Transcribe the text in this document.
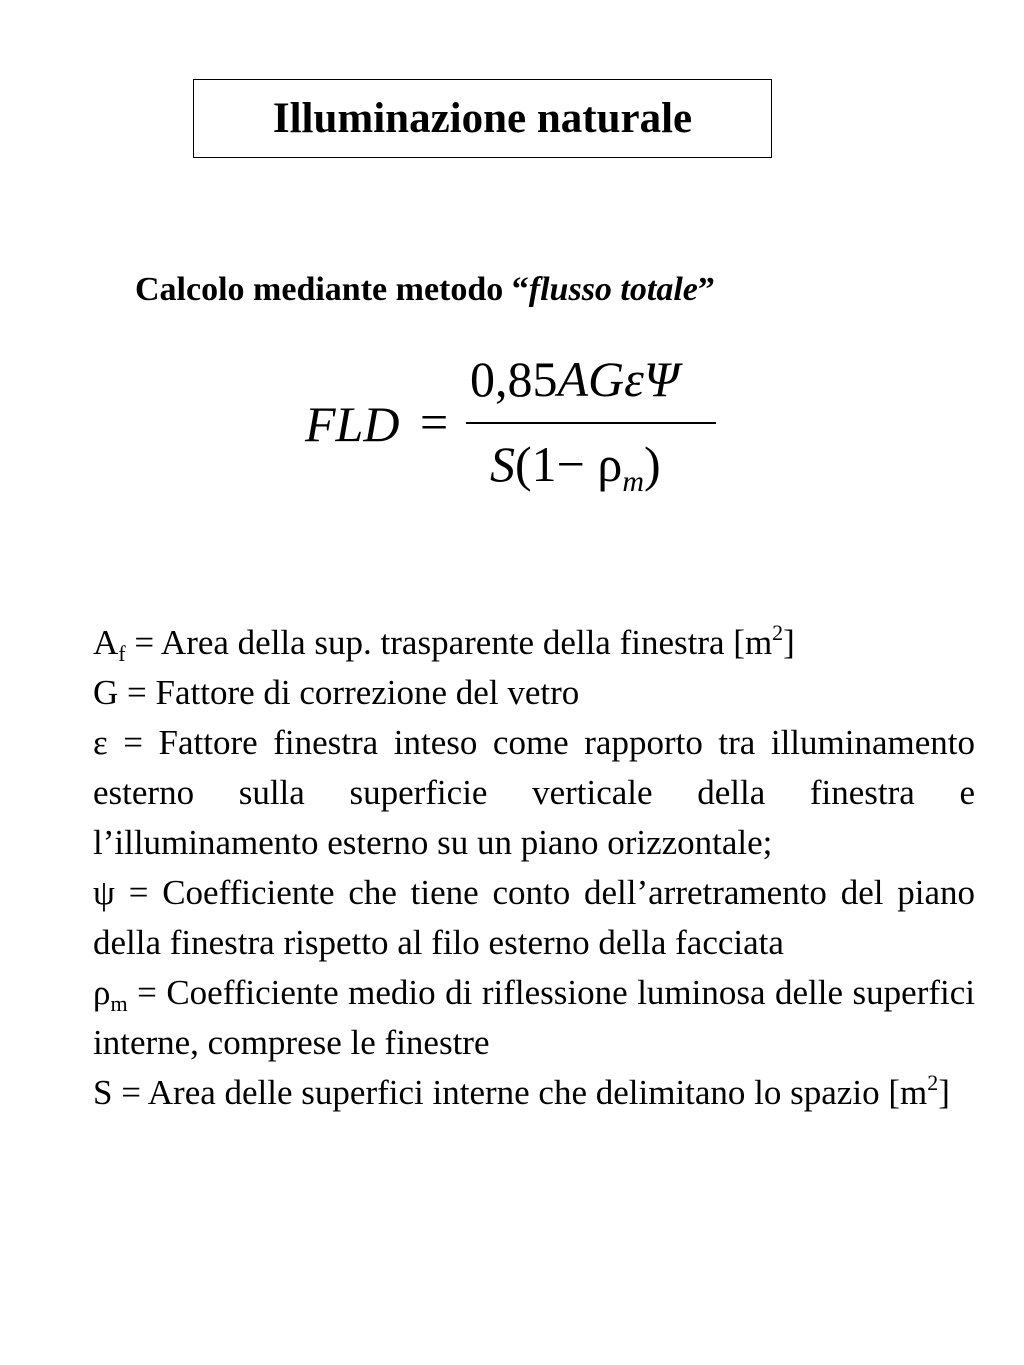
Illuminazione naturale
Calcolo mediante metodo “flusso totale”
FLD =
0,85AGεΨ
$S(1- \rho_m)$

$A_f$ = Area della sup. trasparente della finestra $[m^2]$

G = Fattore di correzione del vetro

ε = Fattore finestra inteso come rapporto tra illuminamento esterno sulla superficie verticale della finestra e l’illuminamento esterno su un piano orizzontale;

ψ = Coefficiente che tiene conto dell’arretramento del piano della finestra rispetto al filo esterno della facciata

$\rho_m$ = Coefficiente medio di riflessione luminosa delle superfici interne, comprese le finestre

S = Area delle superfici interne che delimitano lo spazio $[m^2]$
